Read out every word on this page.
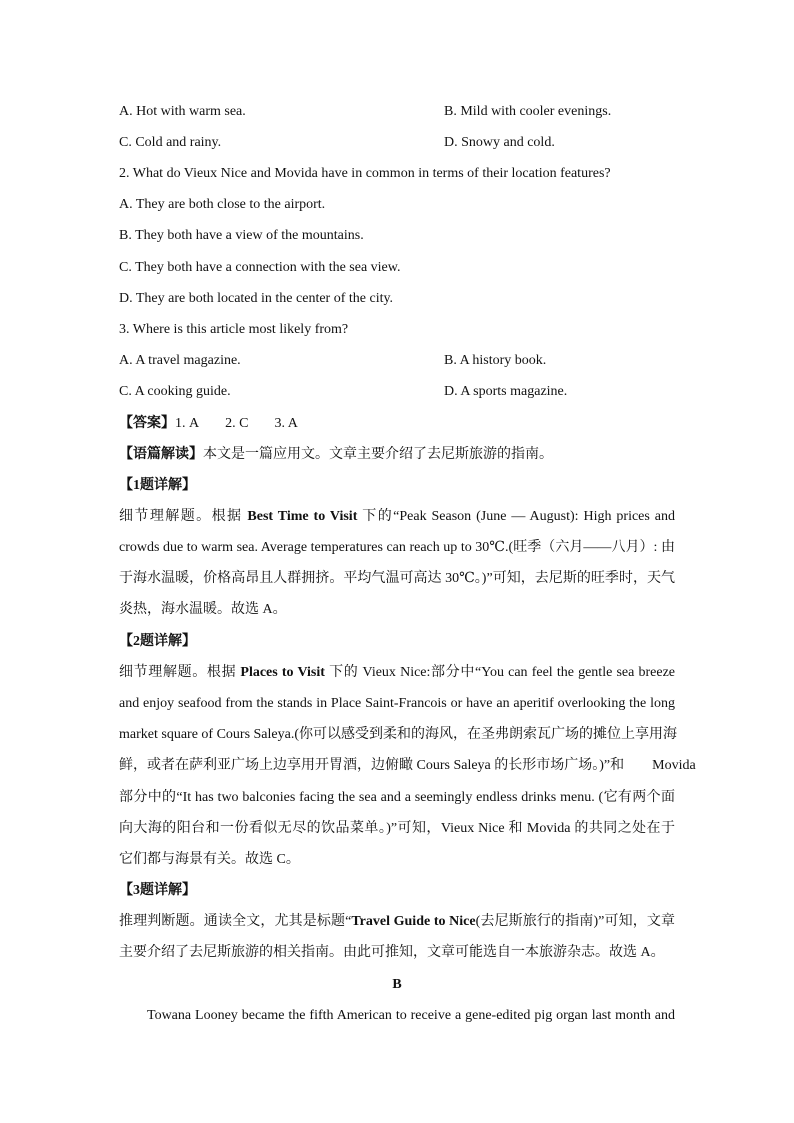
A. Hot with warm sea.	B. Mild with cooler evenings.
C. Cold and rainy.	D. Snowy and cold.
2. What do Vieux Nice and Movida have in common in terms of their location features?
A. They are both close to the airport.
B. They both have a view of the mountains.
C. They both have a connection with the sea view.
D. They are both located in the center of the city.
3. Where is this article most likely from?
A. A travel magazine.	B. A history book.
C. A cooking guide.	D. A sports magazine.
【答案】1. A 2. C 3. A
【语篇解读】本文是一篇应用文。文章主要介绍了去尼斯旅游的指南。
【1题详解】
细节理解题。根据 Best Time to Visit 下的“Peak Season (June — August): High prices and
crowds due to warm sea. Average temperatures can reach up to 30℃.(旺季（六月——八月）: 由
于海水温暖，价格高昂且人群拥挤。平均气温可高达 30℃。)”可知，去尼斯的旺季时，天气
炎热，海水温暖。故选 A。
【2题详解】
细节理解题。根据 Places to Visit 下的 Vieux Nice:部分中“You can feel the gentle sea breeze
and enjoy seafood from the stands in Place Saint-Francois or have an aperitif overlooking the long
market square of Cours Saleya.(你可以感受到柔和的海风，在圣弗朗索瓦广场的摊位上享用海
鲜，或者在萨利亚广场上边享用开胃酒，边俯瞰 Cours Saleya 的长形市场广场。)”和　　Movida
部分中的“It has two balconies facing the sea and a seemingly endless drinks menu. (它有两个面
向大海的阳台和一份看似无尽的饮品菜单。)”可知，Vieux Nice 和 Movida 的共同之处在于
它们都与海景有关。故选 C。
【3题详解】
推理判断题。通读全文，尤其是标题“Travel Guide to Nice(去尼斯旅行的指南)”可知，文章
主要介绍了去尼斯旅游的相关指南。由此可推知，文章可能选自一本旅游杂志。故选 A。
B
Towana Looney became the fifth American to receive a gene-edited pig organ last month and
